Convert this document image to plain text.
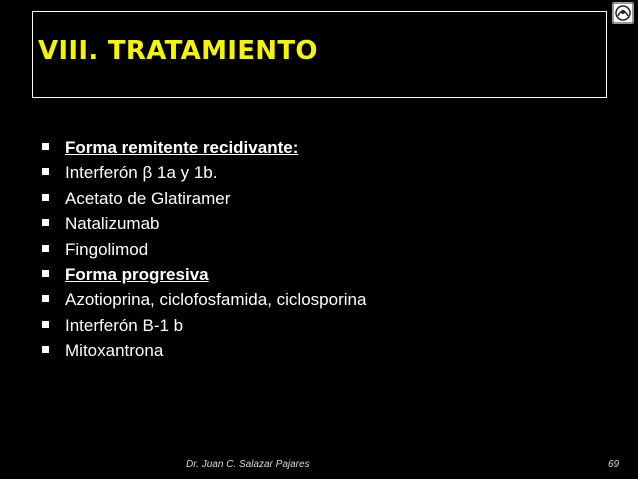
VIII. TRATAMIENTO
Forma remitente recidivante:
Interferón β 1a y 1b.
Acetato de Glatiramer
Natalizumab
Fingolimod
Forma progresiva
Azotioprina, ciclofosfamida, ciclosporina
Interferón B-1 b
Mitoxantrona
Dr. Juan C. Salazar Pajares	69
